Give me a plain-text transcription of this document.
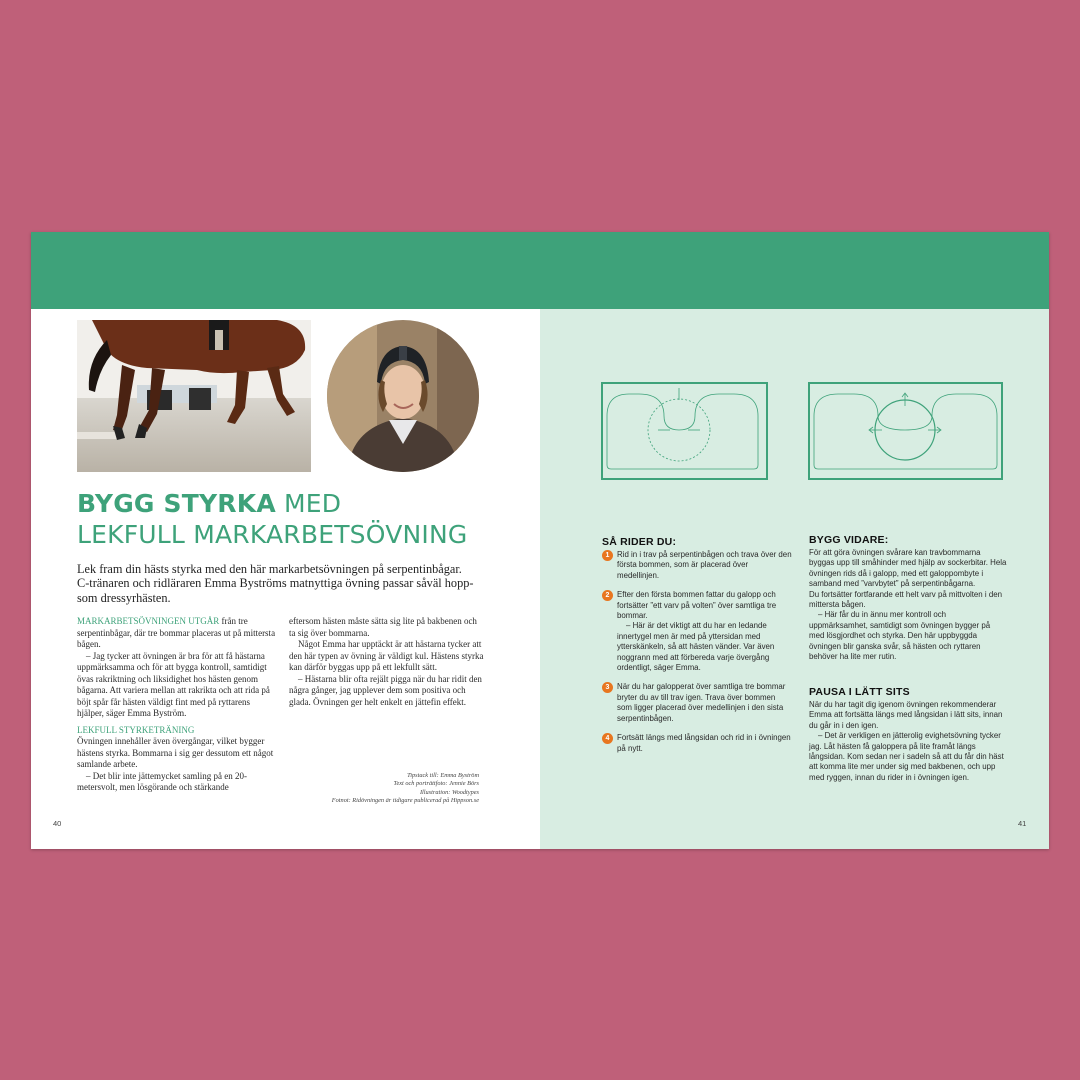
BYGG STYRKA MED
LEKFULL MARKARBETSÖVNING
Lek fram din hästs styrka med den här markarbetsövningen på serpentinbågar. C-tränaren och ridläraren Emma Byströms matnyttiga övning passar såväl hopp- som dressyrhästen.

MARKARBETSÖVNINGEN UTGÅR från tre serpentinbågar, där tre bommar placeras ut på mittersta bågen.

– Jag tycker att övningen är bra för att få hästarna uppmärksamma och för att bygga kontroll, samtidigt övas rakriktning och liksidighet hos hästen genom bågarna. Att variera mellan att rakrikta och att rida på böjt spår får hästen väldigt fint med på ryttarens hjälper, säger Emma Byström.

LEKFULL STYRKETRÄNING

Övningen innehåller även övergångar, vilket bygger hästens styrka. Bommarna i sig ger dessutom ett något samlande arbete.

– Det blir inte jättemycket samling på en 20-metersvolt, men lösgörande och stärkande

eftersom hästen måste sätta sig lite på bakbenen och ta sig över bommarna.

Något Emma har upptäckt är att hästarna tycker att den här typen av övning är väldigt kul. Hästens styrka kan därför byggas upp på ett lekfullt sätt.

– Hästarna blir ofta rejält pigga när du har ridit den några gånger, jag upplever dem som positiva och glada. Övningen ger helt enkelt en jättefin effekt.

Tipstack till: Emma Byström
Text och porträttfoto: Jennie Börs
Illustration: Woodtypes
Fotnot: Ridövningen är tidigare publicerad på Hippson.se
40	41
SÅ RIDER DU:
1 Rid in i trav på serpentinbågen och trava över den första bommen, som är placerad över medellinjen.

2 Efter den första bommen fattar du galopp och fortsätter ”ett varv på volten” över samtliga tre bommar.

– Här är det viktigt att du har en ledande innertygel men är med på yttersidan med ytterskänkeln, så att hästen vänder. Var även noggrann med att förbereda varje övergång ordentligt, säger Emma.

3 När du har galopperat över samtliga tre bommar bryter du av till trav igen. Trava över bommen som ligger placerad över medellinjen i den sista serpentinbågen.

4 Fortsätt längs med långsidan och rid in i övningen på nytt.

BYGG VIDARE:

För att göra övningen svårare kan travbommarna byggas upp till småhinder med hjälp av sockerbitar. Hela övningen rids då i galopp, med ett galoppombyte i samband med ”varvbytet” på serpentinbågarna.

Du fortsätter fortfarande ett helt varv på mittvolten i den mittersta bågen.

– Här får du in ännu mer kontroll och uppmärksamhet, samtidigt som övningen bygger på med lösgjordhet och styrka. Den här uppbyggda övningen blir ganska svår, så hästen och ryttaren behöver ha lite mer rutin.

PAUSA I LÄTT SITS

När du har tagit dig igenom övningen rekommenderar Emma att fortsätta längs med långsidan i lätt sits, innan du går in i den igen.

– Det är verkligen en jätterolig evighetsövning tycker jag. Låt hästen få galoppera på lite framåt längs långsidan. Kom sedan ner i sadeln så att du får din häst att komma lite mer under sig med bakbenen, och upp med ryggen, innan du rider in i övningen igen.
